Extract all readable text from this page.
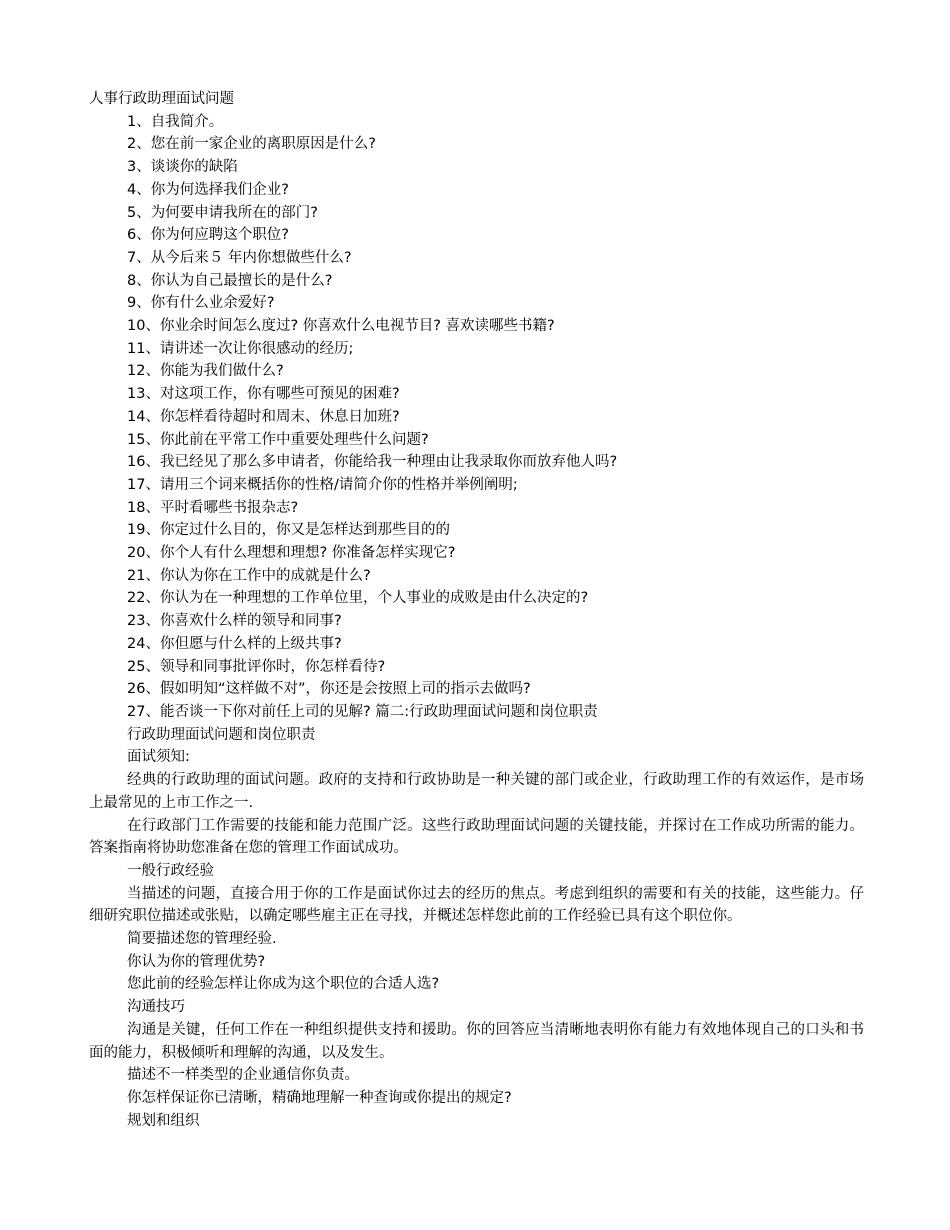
人事行政助理面试问题

1、自我简介。

2、您在前一家企业的离职原因是什么?

3、谈谈你的缺陷

4、你为何选择我们企业?

5、为何要申请我所在的部门?

6、你为何应聘这个职位?

7、从今后来５ 年内你想做些什么?

8、你认为自己最擅长的是什么?

9、你有什么业余爱好?

10、你业余时间怎么度过? 你喜欢什么电视节目? 喜欢读哪些书籍?

11、请讲述一次让你很感动的经历;

12、你能为我们做什么?

13、对这项工作，你有哪些可预见的困难?

14、你怎样看待超时和周末、休息日加班?

15、你此前在平常工作中重要处理些什么问题?

16、我已经见了那么多申请者，你能给我一种理由让我录取你而放弃他人吗?

17、请用三个词来概括你的性格/请简介你的性格并举例阐明;

18、平时看哪些书报杂志?

19、你定过什么目的，你又是怎样达到那些目的的

20、你个人有什么理想和理想? 你准备怎样实现它?

21、你认为你在工作中的成就是什么?

22、你认为在一种理想的工作单位里，个人事业的成败是由什么决定的?

23、你喜欢什么样的领导和同事?

24、你但愿与什么样的上级共事?

25、领导和同事批评你时，你怎样看待?

26、假如明知“这样做不对”，你还是会按照上司的指示去做吗?

27、能否谈一下你对前任上司的见解? 篇二:行政助理面试问题和岗位职责

行政助理面试问题和岗位职责

面试须知:

经典的行政助理的面试问题。政府的支持和行政协助是一种关键的部门或企业，行政助理工作的有效运作，是市场上最常见的上市工作之一.

在行政部门工作需要的技能和能力范围广泛。这些行政助理面试问题的关键技能，并探讨在工作成功所需的能力。答案指南将协助您准备在您的管理工作面试成功。

一般行政经验

当描述的问题，直接合用于你的工作是面试你过去的经历的焦点。考虑到组织的需要和有关的技能，这些能力。仔细研究职位描述或张贴，以确定哪些雇主正在寻找，并概述怎样您此前的工作经验已具有这个职位你。

简要描述您的管理经验.

你认为你的管理优势?

您此前的经验怎样让你成为这个职位的合适人选?

沟通技巧

沟通是关键，任何工作在一种组织提供支持和援助。你的回答应当清晰地表明你有能力有效地体现自己的口头和书面的能力，积极倾听和理解的沟通，以及发生。

描述不一样类型的企业通信你负责。

你怎样保证你已清晰，精确地理解一种查询或你提出的规定?

规划和组织
